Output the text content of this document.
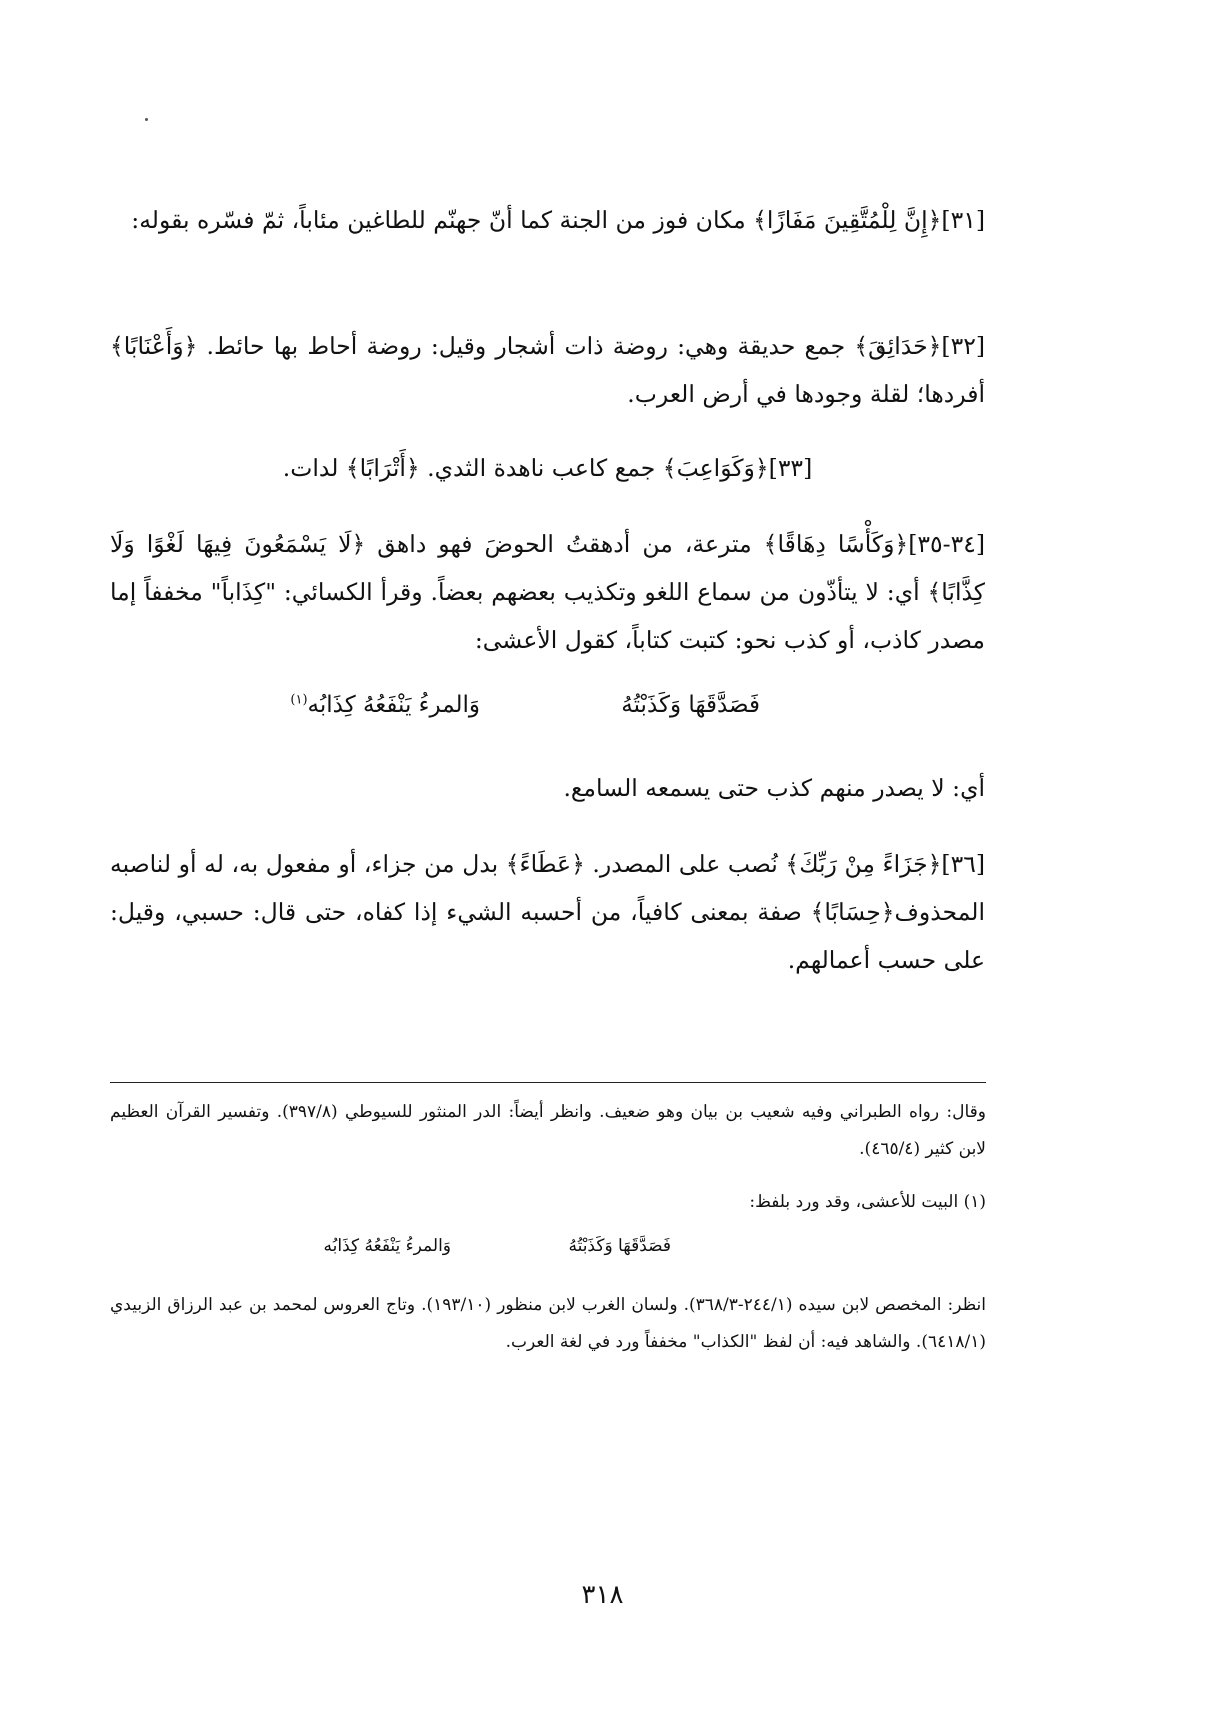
[٣١]﴿إِنَّ لِلْمُتَّقِينَ مَفَازًا﴾ مكان فوز من الجنة كما أنّ جهنّم للطاغين مئاباً، ثمّ فسّره بقوله:
[٣٢]﴿حَدَائِقَ﴾ جمع حديقة وهي: روضة ذات أشجار وقيل: روضة أحاط بها حائط. ﴿وَأَعْنَابًا﴾ أفردها؛ لقلة وجودها في أرض العرب.
[٣٣]﴿وَكَوَاعِبَ﴾ جمع كاعب ناهدة الثدي. ﴿أَتْرَابًا﴾ لدات.
[٣٤-٣٥]﴿وَكَأْسًا دِهَاقًا﴾ مترعة، من أدهقتُ الحوضَ فهو داهق ﴿لَا يَسْمَعُونَ فِيهَا لَغْوًا وَلَا كِذَّابًا﴾ أي: لا يتأذّون من سماع اللغو وتكذيب بعضهم بعضاً. وقرأ الكسائي: "كِذَاباً" مخففاً إما مصدر كاذب، أو كذب نحو: كتبت كتاباً، كقول الأعشى:
فَصَدَّقَهَا وَكَذَبْتُهُ
وَالمرءُ يَنْفَعُهُ كِذَابُه$^{(١)}$
أي: لا يصدر منهم كذب حتى يسمعه السامع.
[٣٦]﴿جَزَاءً مِنْ رَبِّكَ﴾ نُصب على المصدر. ﴿عَطَاءً﴾ بدل من جزاء، أو مفعول به، له أو لناصبه المحذوف﴿حِسَابًا﴾ صفة بمعنى كافياً، من أحسبه الشيء إذا كفاه، حتى قال: حسبي، وقيل: على حسب أعمالهم.
وقال: رواه الطبراني وفيه شعيب بن بيان وهو ضعيف. وانظر أيضاً: الدر المنثور للسيوطي (٣٩٧/٨). وتفسير القرآن العظيم لابن كثير (٤٦٥/٤).
(١) البيت للأعشى، وقد ورد بلفظ:
فَصَدَّقَهَا وَكَذَبْتُهُ
وَالمرءُ يَنْفَعُهُ كِذَابُه
انظر: المخصص لابن سيده (٢٤٤/١-٣٦٨/٣). ولسان الغرب لابن منظور (١٩٣/١٠). وتاج العروس لمحمد بن عبد الرزاق الزبيدي (٦٤١٨/١). والشاهد فيه: أن لفظ "الكذاب" مخففاً ورد في لغة العرب.
٣١٨
